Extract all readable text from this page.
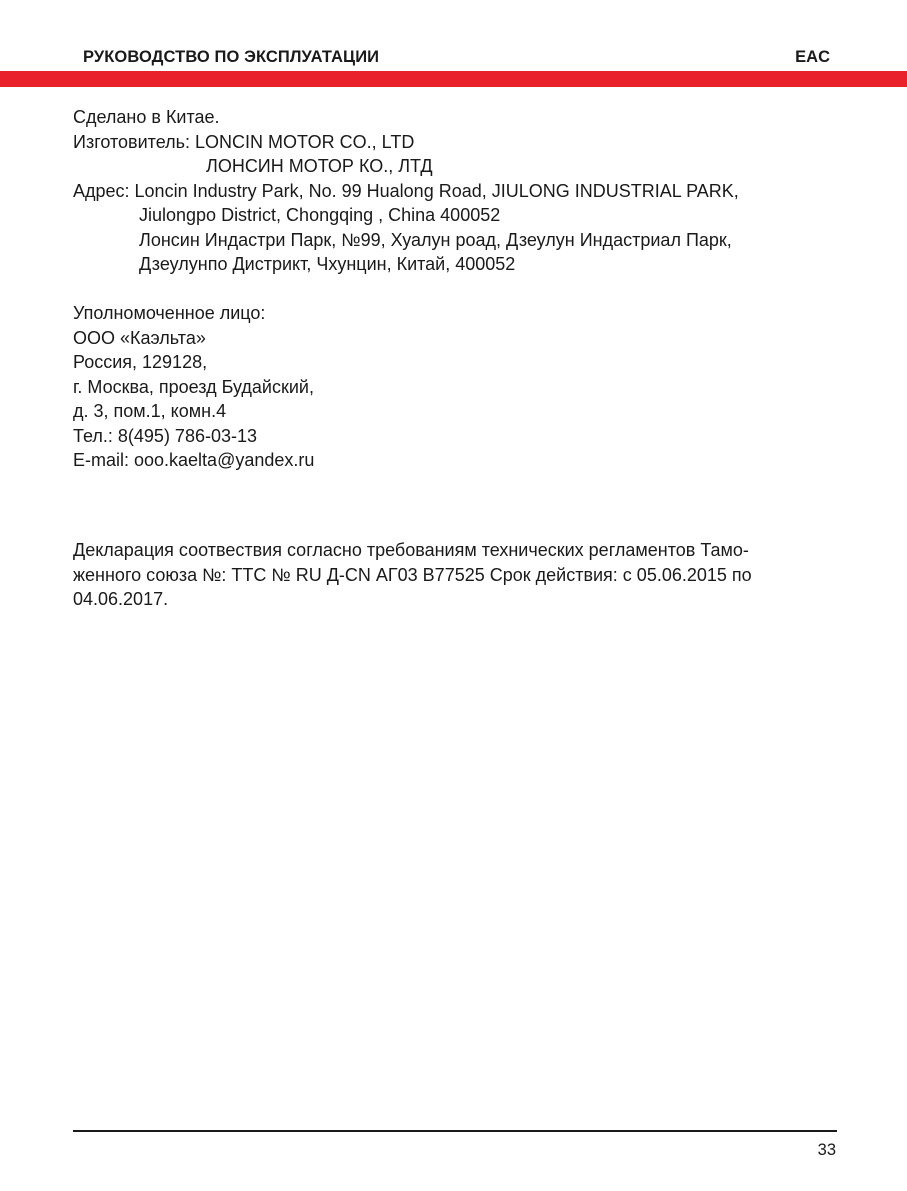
РУКОВОДСТВО ПО ЭКСПЛУАТАЦИИ	EAC
Сделано в Китае.
Изготовитель: LONCIN MOTOR CO., LTD
ЛОНСИН МОТОР КО., ЛТД
Адрес: Loncin Industry Park, No. 99 Hualong Road, JIULONG INDUSTRIAL PARK,
Jiulongpo District, Chongqing , China 400052
Лонсин Индастри Парк, №99, Хуалун роад, Дзеулун Индастриал Парк,
Дзеулунпо Дистрикт, Чхунцин, Китай, 400052
Уполномоченное лицо:
ООО «Каэльта»
Россия, 129128,
г. Москва, проезд Будайский,
д. 3, пом.1, комн.4
Тел.: 8(495) 786-03-13
E-mail: ooo.kaelta@yandex.ru
Декларация соотвествия согласно требованиям технических регламентов Тамо-
женного союза №: ТТС № RU Д-CN АГ03 В77525 Срок действия: с 05.06.2015 по
04.06.2017.
33
